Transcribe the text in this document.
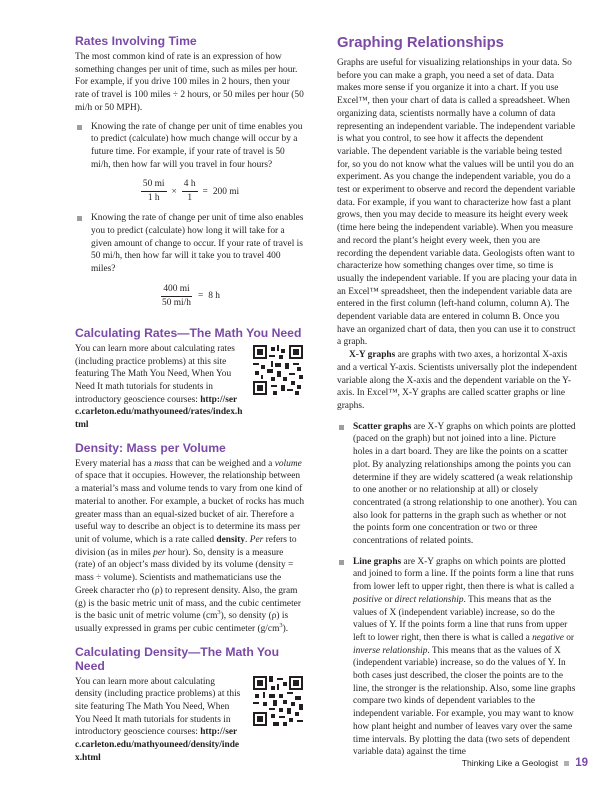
Rates Involving Time

The most common kind of rate is an expression of how something changes per unit of time, such as miles per hour. For example, if you drive 100 miles in 2 hours, then your rate of travel is 100 miles ÷ 2 hours, or 50 miles per hour (50 mi/h or 50 MPH).

Knowing the rate of change per unit of time enables you to predict (calculate) how much change will occur by a future time. For example, if your rate of travel is 50 mi/h, then how far will you travel in four hours?
$\frac{50 mi}{1 h} \times \frac{4 h}{1} = 200$ mi
Knowing the rate of change per unit of time also enables you to predict (calculate) how long it will take for a given amount of change to occur. If your rate of travel is 50 mi/h, then how far will it take you to travel 400 miles?
$\frac{400 mi}{50 mi/h} = 8$ h
Calculating Rates—The Math You Need

You can learn more about calculating rates (including practice problems) at this site featuring The Math You Need, When You Need It math tutorials for students in introductory geoscience courses: http://serc.carleton.edu/mathyouneed/rates/index.html

Density: Mass per Volume

Every material has a mass that can be weighed and a volume of space that it occupies. However, the relationship between a material’s mass and volume tends to vary from one kind of material to another. For example, a bucket of rocks has much greater mass than an equal-sized bucket of air. Therefore a useful way to describe an object is to determine its mass per unit of volume, which is a rate called density. Per refers to division (as in miles per hour). So, density is a measure (rate) of an object’s mass divided by its volume (density = mass ÷ volume). Scientists and mathematicians use the Greek character rho (ρ) to represent density. Also, the gram (g) is the basic metric unit of mass, and the cubic centimeter is the basic unit of metric volume $(cm^3)$, so density (ρ) is usually expressed in grams per cubic centimeter $(g/cm^3)$.

Calculating Density—The Math You Need

You can learn more about calculating density (including practice problems) at this site featuring The Math You Need, When You Need It math tutorials for students in introductory geoscience courses: http://serc.carleton.edu/mathyouneed/density/index.html

Graphing Relationships

Graphs are useful for visualizing relationships in your data. So before you can make a graph, you need a set of data. Data makes more sense if you organize it into a chart. If you use Excel™, then your chart of data is called a spreadsheet. When organizing data, scientists normally have a column of data representing an independent variable. The independent variable is what you control, to see how it affects the dependent variable. The dependent variable is the variable being tested for, so you do not know what the values will be until you do an experiment. As you change the independent variable, you do a test or experiment to observe and record the dependent variable data. For example, if you want to characterize how fast a plant grows, then you may decide to measure its height every week (time here being the independent variable). When you measure and record the plant’s height every week, then you are recording the dependent variable data. Geologists often want to characterize how something changes over time, so time is usually the independent variable. If you are placing your data in an Excel™ spreadsheet, then the independent variable data are entered in the first column (left-hand column, column A). The dependent variable data are entered in column B. Once you have an organized chart of data, then you can use it to construct a graph.

X-Y graphs are graphs with two axes, a horizontal X-axis and a vertical Y-axis. Scientists universally plot the independent variable along the X-axis and the dependent variable on the Y-axis. In Excel™, X-Y graphs are called scatter graphs or line graphs.

Scatter graphs are X-Y graphs on which points are plotted (paced on the graph) but not joined into a line. Picture holes in a dart board. They are like the points on a scatter plot. By analyzing relationships among the points you can determine if they are widely scattered (a weak relationship to one another or no relationship at all) or closely concentrated (a strong relationship to one another). You can also look for patterns in the graph such as whether or not the points form one concentration or two or three concentrations of related points.
Line graphs are X-Y graphs on which points are plotted and joined to form a line. If the points form a line that runs from lower left to upper right, then there is what is called a positive or direct relationship. This means that as the values of X (independent variable) increase, so do the values of Y. If the points form a line that runs from upper left to lower right, then there is what is called a negative or inverse relationship. This means that as the values of X (independent variable) increase, so do the values of Y. In both cases just described, the closer the points are to the line, the stronger is the relationship. Also, some line graphs compare two kinds of dependent variables to the independent variable. For example, you may want to know how plant height and number of leaves vary over the same time intervals. By plotting the data (two sets of dependent variable data) against the time
Thinking Like a Geologist 19
